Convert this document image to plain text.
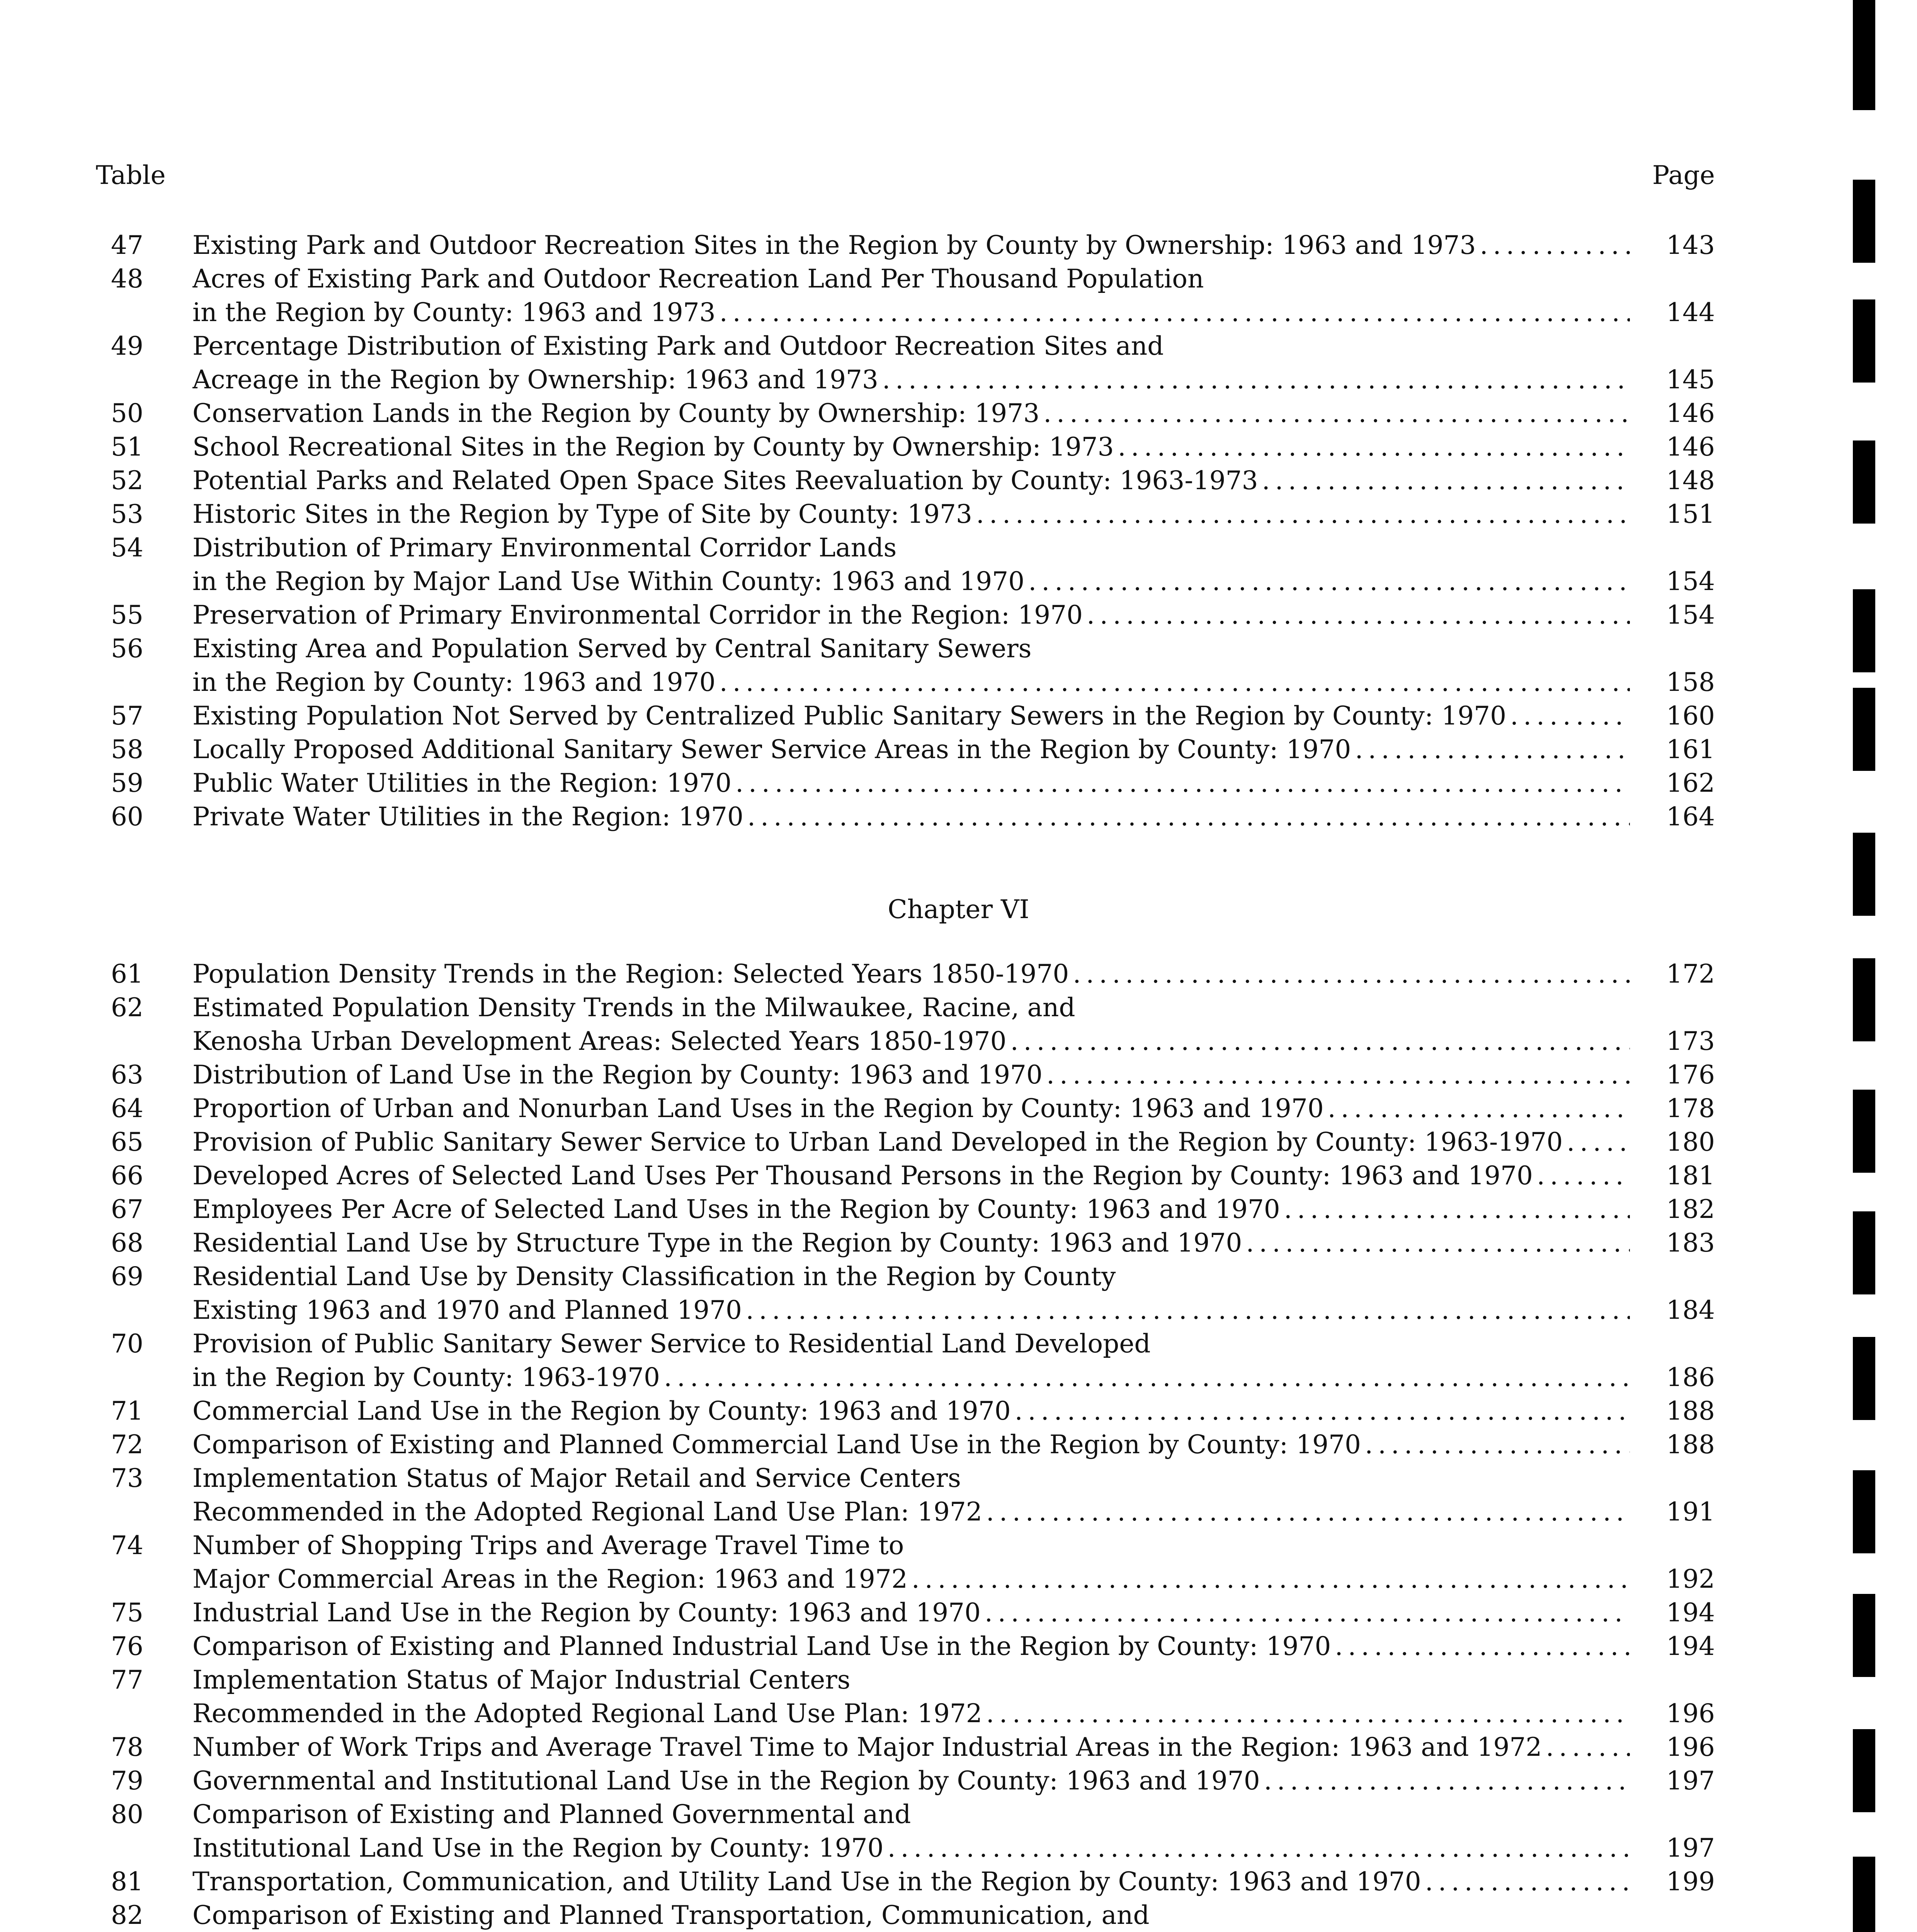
Table	Page
47 Existing Park and Outdoor Recreation Sites in the Region by County by Ownership: 1963 and 1973 . . .	143
48 Acres of Existing Park and Outdoor Recreation Land Per Thousand Population
in the Region by County: 1963 and 1973 . . .	144
49 Percentage Distribution of Existing Park and Outdoor Recreation Sites and
Acreage in the Region by Ownership: 1963 and 1973 . . .	145
50 Conservation Lands in the Region by County by Ownership: 1973 . . .	146
51 School Recreational Sites in the Region by County by Ownership: 1973 . . .	146
52 Potential Parks and Related Open Space Sites Reevaluation by County: 1963-1973 . . .	148
53 Historic Sites in the Region by Type of Site by County: 1973 . . .	151
54 Distribution of Primary Environmental Corridor Lands
in the Region by Major Land Use Within County: 1963 and 1970 . . .	154
55 Preservation of Primary Environmental Corridor in the Region: 1970 . . .	154
56 Existing Area and Population Served by Central Sanitary Sewers
in the Region by County: 1963 and 1970 . . .	158
57 Existing Population Not Served by Centralized Public Sanitary Sewers in the Region by County: 1970 . . .	160
58 Locally Proposed Additional Sanitary Sewer Service Areas in the Region by County: 1970 . . .	161
59 Public Water Utilities in the Region: 1970 . . .	162
60 Private Water Utilities in the Region: 1970 . . .	164
Chapter VI
61 Population Density Trends in the Region: Selected Years 1850-1970 . . .	172
62 Estimated Population Density Trends in the Milwaukee, Racine, and
Kenosha Urban Development Areas: Selected Years 1850-1970 . . .	173
63 Distribution of Land Use in the Region by County: 1963 and 1970 . . .	176
64 Proportion of Urban and Nonurban Land Uses in the Region by County: 1963 and 1970 . . .	178
65 Provision of Public Sanitary Sewer Service to Urban Land Developed in the Region by County: 1963-1970 . . .	180
66 Developed Acres of Selected Land Uses Per Thousand Persons in the Region by County: 1963 and 1970 . . .	181
67 Employees Per Acre of Selected Land Uses in the Region by County: 1963 and 1970 . . .	182
68 Residential Land Use by Structure Type in the Region by County: 1963 and 1970 . . .	183
69 Residential Land Use by Density Classification in the Region by County
Existing 1963 and 1970 and Planned 1970 . . .	184
70 Provision of Public Sanitary Sewer Service to Residential Land Developed
in the Region by County: 1963-1970 . . .	186
71 Commercial Land Use in the Region by County: 1963 and 1970 . . .	188
72 Comparison of Existing and Planned Commercial Land Use in the Region by County: 1970 . . .	188
73 Implementation Status of Major Retail and Service Centers
Recommended in the Adopted Regional Land Use Plan: 1972 . . .	191
74 Number of Shopping Trips and Average Travel Time to
Major Commercial Areas in the Region: 1963 and 1972 . . .	192
75 Industrial Land Use in the Region by County: 1963 and 1970 . . .	194
76 Comparison of Existing and Planned Industrial Land Use in the Region by County: 1970 . . .	194
77 Implementation Status of Major Industrial Centers
Recommended in the Adopted Regional Land Use Plan: 1972 . . .	196
78 Number of Work Trips and Average Travel Time to Major Industrial Areas in the Region: 1963 and 1972 . . .	196
79 Governmental and Institutional Land Use in the Region by County: 1963 and 1970 . . .	197
80 Comparison of Existing and Planned Governmental and
Institutional Land Use in the Region by County: 1970 . . .	197
81 Transportation, Communication, and Utility Land Use in the Region by County: 1963 and 1970 . . .	199
82 Comparison of Existing and Planned Transportation, Communication, and
